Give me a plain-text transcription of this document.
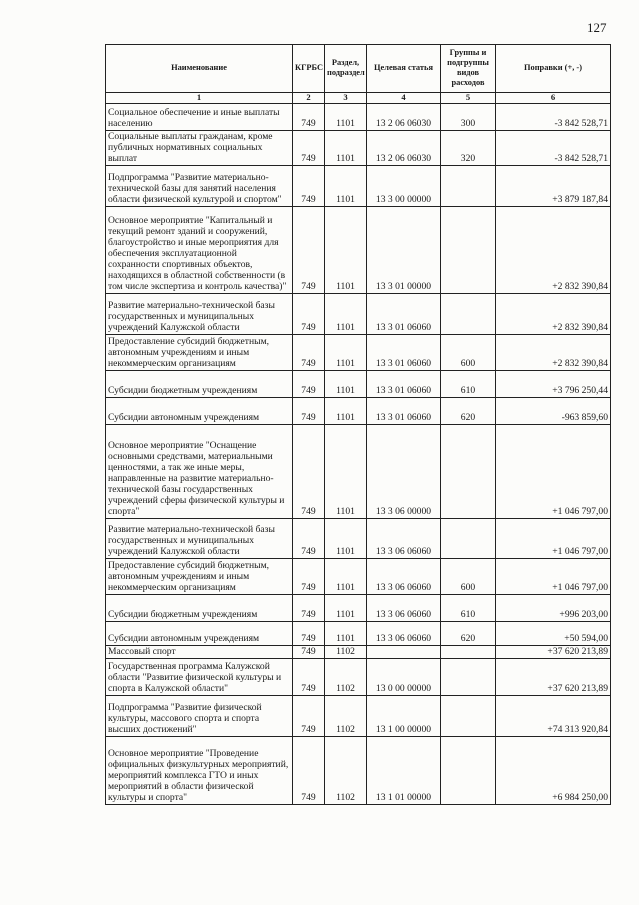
127
Наименование	КГРБС	Раздел, подраздел	Целевая статья	Группы и подгруппы видов расходов	Поправки (+, -)
1	2	3	4	5	6
Социальное обеспечение и иные выплаты населению	749	1101	13 2 06 06030	300	-3 842 528,71
Социальные выплаты гражданам, кроме публичных нормативных социальных выплат	749	1101	13 2 06 06030	320	-3 842 528,71
Подпрограмма "Развитие материально-технической базы для занятий населения области физической культурой и спортом"	749	1101	13 3 00 00000		+3 879 187,84
Основное мероприятие "Капитальный и текущий ремонт зданий и сооружений, благоустройство и иные мероприятия для обеспечения эксплуатационной сохранности спортивных объектов, находящихся в областной собственности (в том числе экспертиза и контроль качества)"	749	1101	13 3 01 00000		+2 832 390,84
Развитие материально-технической базы государственных и муниципальных учреждений Калужской области	749	1101	13 3 01 06060		+2 832 390,84
Предоставление субсидий бюджетным, автономным учреждениям и иным некоммерческим организациям	749	1101	13 3 01 06060	600	+2 832 390,84
Субсидии бюджетным учреждениям	749	1101	13 3 01 06060	610	+3 796 250,44
Субсидии автономным учреждениям	749	1101	13 3 01 06060	620	-963 859,60
Основное мероприятие "Оснащение основными средствами, материальными ценностями, а так же иные меры, направленные на развитие материально-технической базы государственных учреждений сферы физической культуры и спорта"	749	1101	13 3 06 00000		+1 046 797,00
Развитие материально-технической базы государственных и муниципальных учреждений Калужской области	749	1101	13 3 06 06060		+1 046 797,00
Предоставление субсидий бюджетным, автономным учреждениям и иным некоммерческим организациям	749	1101	13 3 06 06060	600	+1 046 797,00
Субсидии бюджетным учреждениям	749	1101	13 3 06 06060	610	+996 203,00
Субсидии автономным учреждениям	749	1101	13 3 06 06060	620	+50 594,00
Массовый спорт	749	1102			+37 620 213,89
Государственная программа Калужской области "Развитие физической культуры и спорта в Калужской области"	749	1102	13 0 00 00000		+37 620 213,89
Подпрограмма "Развитие физической культуры, массового спорта и спорта высших достижений"	749	1102	13 1 00 00000		+74 313 920,84
Основное мероприятие "Проведение официальных физкультурных мероприятий, мероприятий комплекса ГТО и иных мероприятий в области физической культуры и спорта"	749	1102	13 1 01 00000		+6 984 250,00
